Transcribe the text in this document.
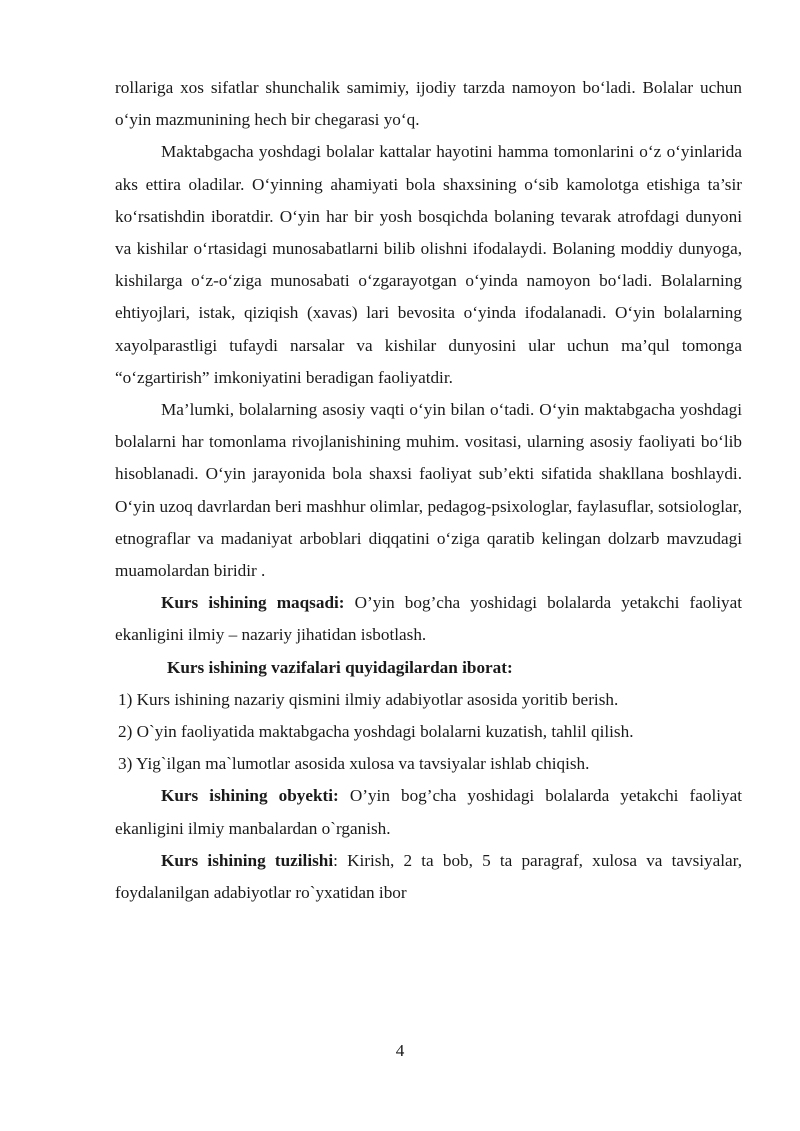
rollariga xos sifatlar shunchalik samimiy, ijodiy tarzda namoyon bo‘ladi. Bolalar uchun o‘yin mazmunining hech bir chegarasi yo‘q.

Maktabgacha yoshdagi bolalar kattalar hayotini hamma tomonlarini o‘z o‘yinlarida aks ettira oladilar. O‘yinning ahamiyati bola shaxsining o‘sib kamolotga etishiga ta’sir ko‘rsatishdin iboratdir. O‘yin har bir yosh bosqichda bolaning tevarak atrofdagi dunyoni va kishilar o‘rtasidagi munosabatlarni bilib olishni ifodalaydi. Bolaning moddiy dunyoga, kishilarga o‘z-o‘ziga munosabati o‘zgarayotgan o‘yinda namoyon bo‘ladi. Bolalarning ehtiyojlari, istak, qiziqish (xavas) lari bevosita o‘yinda ifodalanadi. O‘yin bolalarning xayolparastligi tufaydi narsalar va kishilar dunyosini ular uchun ma’qul tomonga “o‘zgartirish” imkoniyatini beradigan faoliyatdir.

Ma’lumki, bolalarning asosiy vaqti o‘yin bilan o‘tadi. O‘yin maktabgacha yoshdagi bolalarni har tomonlama rivojlanishining muhim. vositasi, ularning asosiy faoliyati bo‘lib hisoblanadi. O‘yin jarayonida bola shaxsi faoliyat sub’ekti sifatida shakllana boshlaydi. O‘yin uzoq davrlardan beri mashhur olimlar, pedagog-psixologlar, faylasuflar, sotsiologlar, etnograflar va madaniyat arboblari diqqatini o‘ziga qaratib kelingan dolzarb mavzudagi muamolardan biridir .

Kurs ishining maqsadi: O’yin bog’cha yoshidagi bolalarda yetakchi faoliyat ekanligini ilmiy – nazariy jihatidan isbotlash.

Kurs ishining vazifalari quyidagilardan iborat:

1) Kurs ishining nazariy qismini ilmiy adabiyotlar asosida yoritib berish.

2) O`yin faoliyatida maktabgacha yoshdagi bolalarni kuzatish, tahlil qilish.

3) Yig`ilgan ma`lumotlar asosida xulosa va tavsiyalar ishlab chiqish.

Kurs ishining obyekti: O’yin bog’cha yoshidagi bolalarda yetakchi faoliyat ekanligini ilmiy manbalardan o`rganish.

Kurs ishining tuzilishi: Kirish, 2 ta bob, 5 ta paragraf, xulosa va tavsiyalar, foydalanilgan adabiyotlar ro`yxatidan ibor

4
